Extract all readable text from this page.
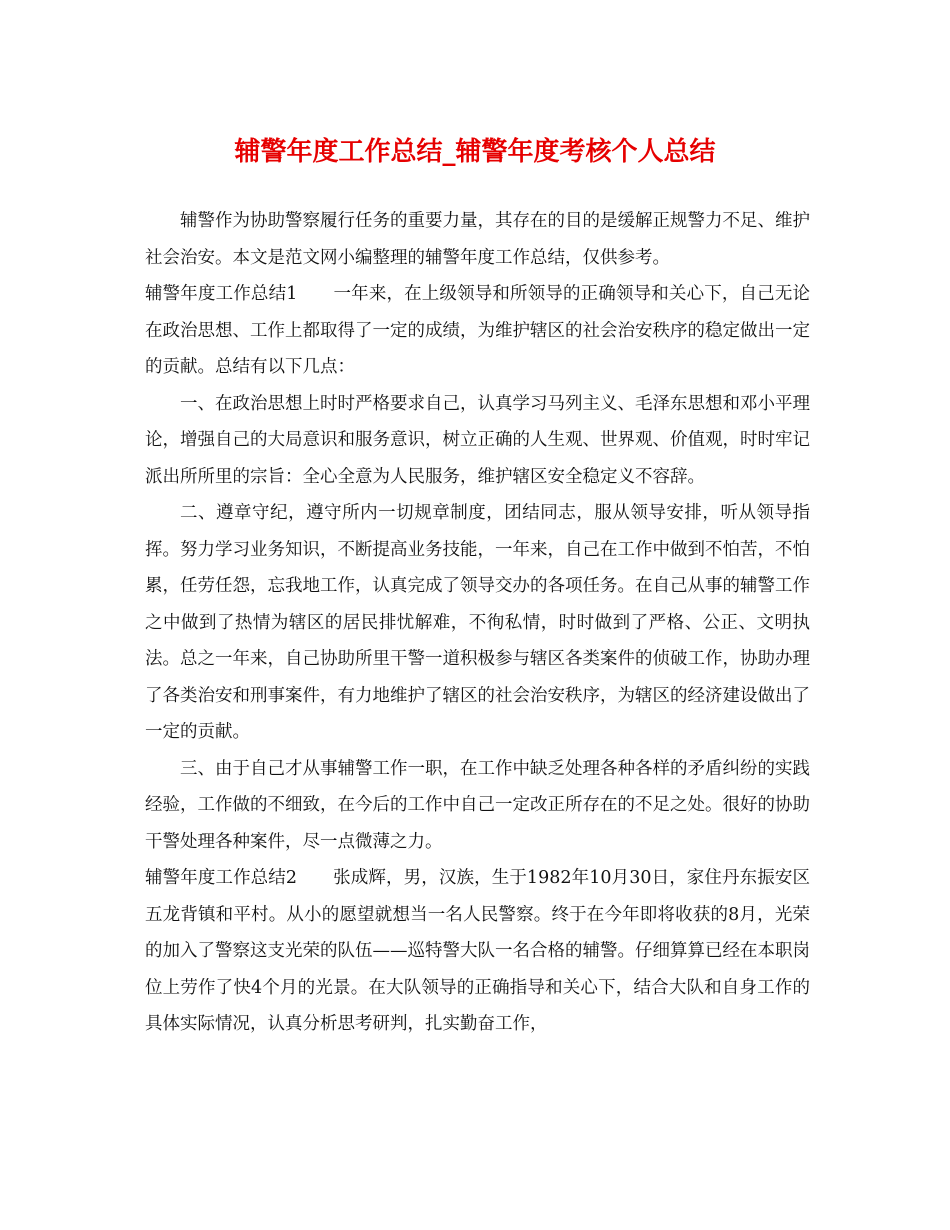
辅警年度工作总结_辅警年度考核个人总结

辅警作为协助警察履行任务的重要力量，其存在的目的是缓解正规警力不足、维护社会治安。本文是范文网小编整理的辅警年度工作总结，仅供参考。

辅警年度工作总结1 一年来，在上级领导和所领导的正确领导和关心下，自己无论在政治思想、工作上都取得了一定的成绩，为维护辖区的社会治安秩序的稳定做出一定的贡献。总结有以下几点：

一、在政治思想上时时严格要求自己，认真学习马列主义、毛泽东思想和邓小平理论，增强自己的大局意识和服务意识，树立正确的人生观、世界观、价值观，时时牢记派出所所里的宗旨：全心全意为人民服务，维护辖区安全稳定义不容辞。

二、遵章守纪，遵守所内一切规章制度，团结同志，服从领导安排，听从领导指挥。努力学习业务知识，不断提高业务技能，一年来，自己在工作中做到不怕苦，不怕累，任劳任怨，忘我地工作，认真完成了领导交办的各项任务。在自己从事的辅警工作之中做到了热情为辖区的居民排忧解难，不徇私情，时时做到了严格、公正、文明执法。总之一年来，自己协助所里干警一道积极参与辖区各类案件的侦破工作，协助办理了各类治安和刑事案件，有力地维护了辖区的社会治安秩序，为辖区的经济建设做出了一定的贡献。

三、由于自己才从事辅警工作一职，在工作中缺乏处理各种各样的矛盾纠纷的实践经验，工作做的不细致，在今后的工作中自己一定改正所存在的不足之处。很好的协助干警处理各种案件，尽一点微薄之力。

辅警年度工作总结2 张成辉，男，汉族，生于1982年10月30日，家住丹东振安区五龙背镇和平村。从小的愿望就想当一名人民警察。终于在今年即将收获的8月，光荣的加入了警察这支光荣的队伍——巡特警大队一名合格的辅警。仔细算算已经在本职岗位上劳作了快4个月的光景。在大队领导的正确指导和关心下，结合大队和自身工作的具体实际情况，认真分析思考研判，扎实勤奋工作，
